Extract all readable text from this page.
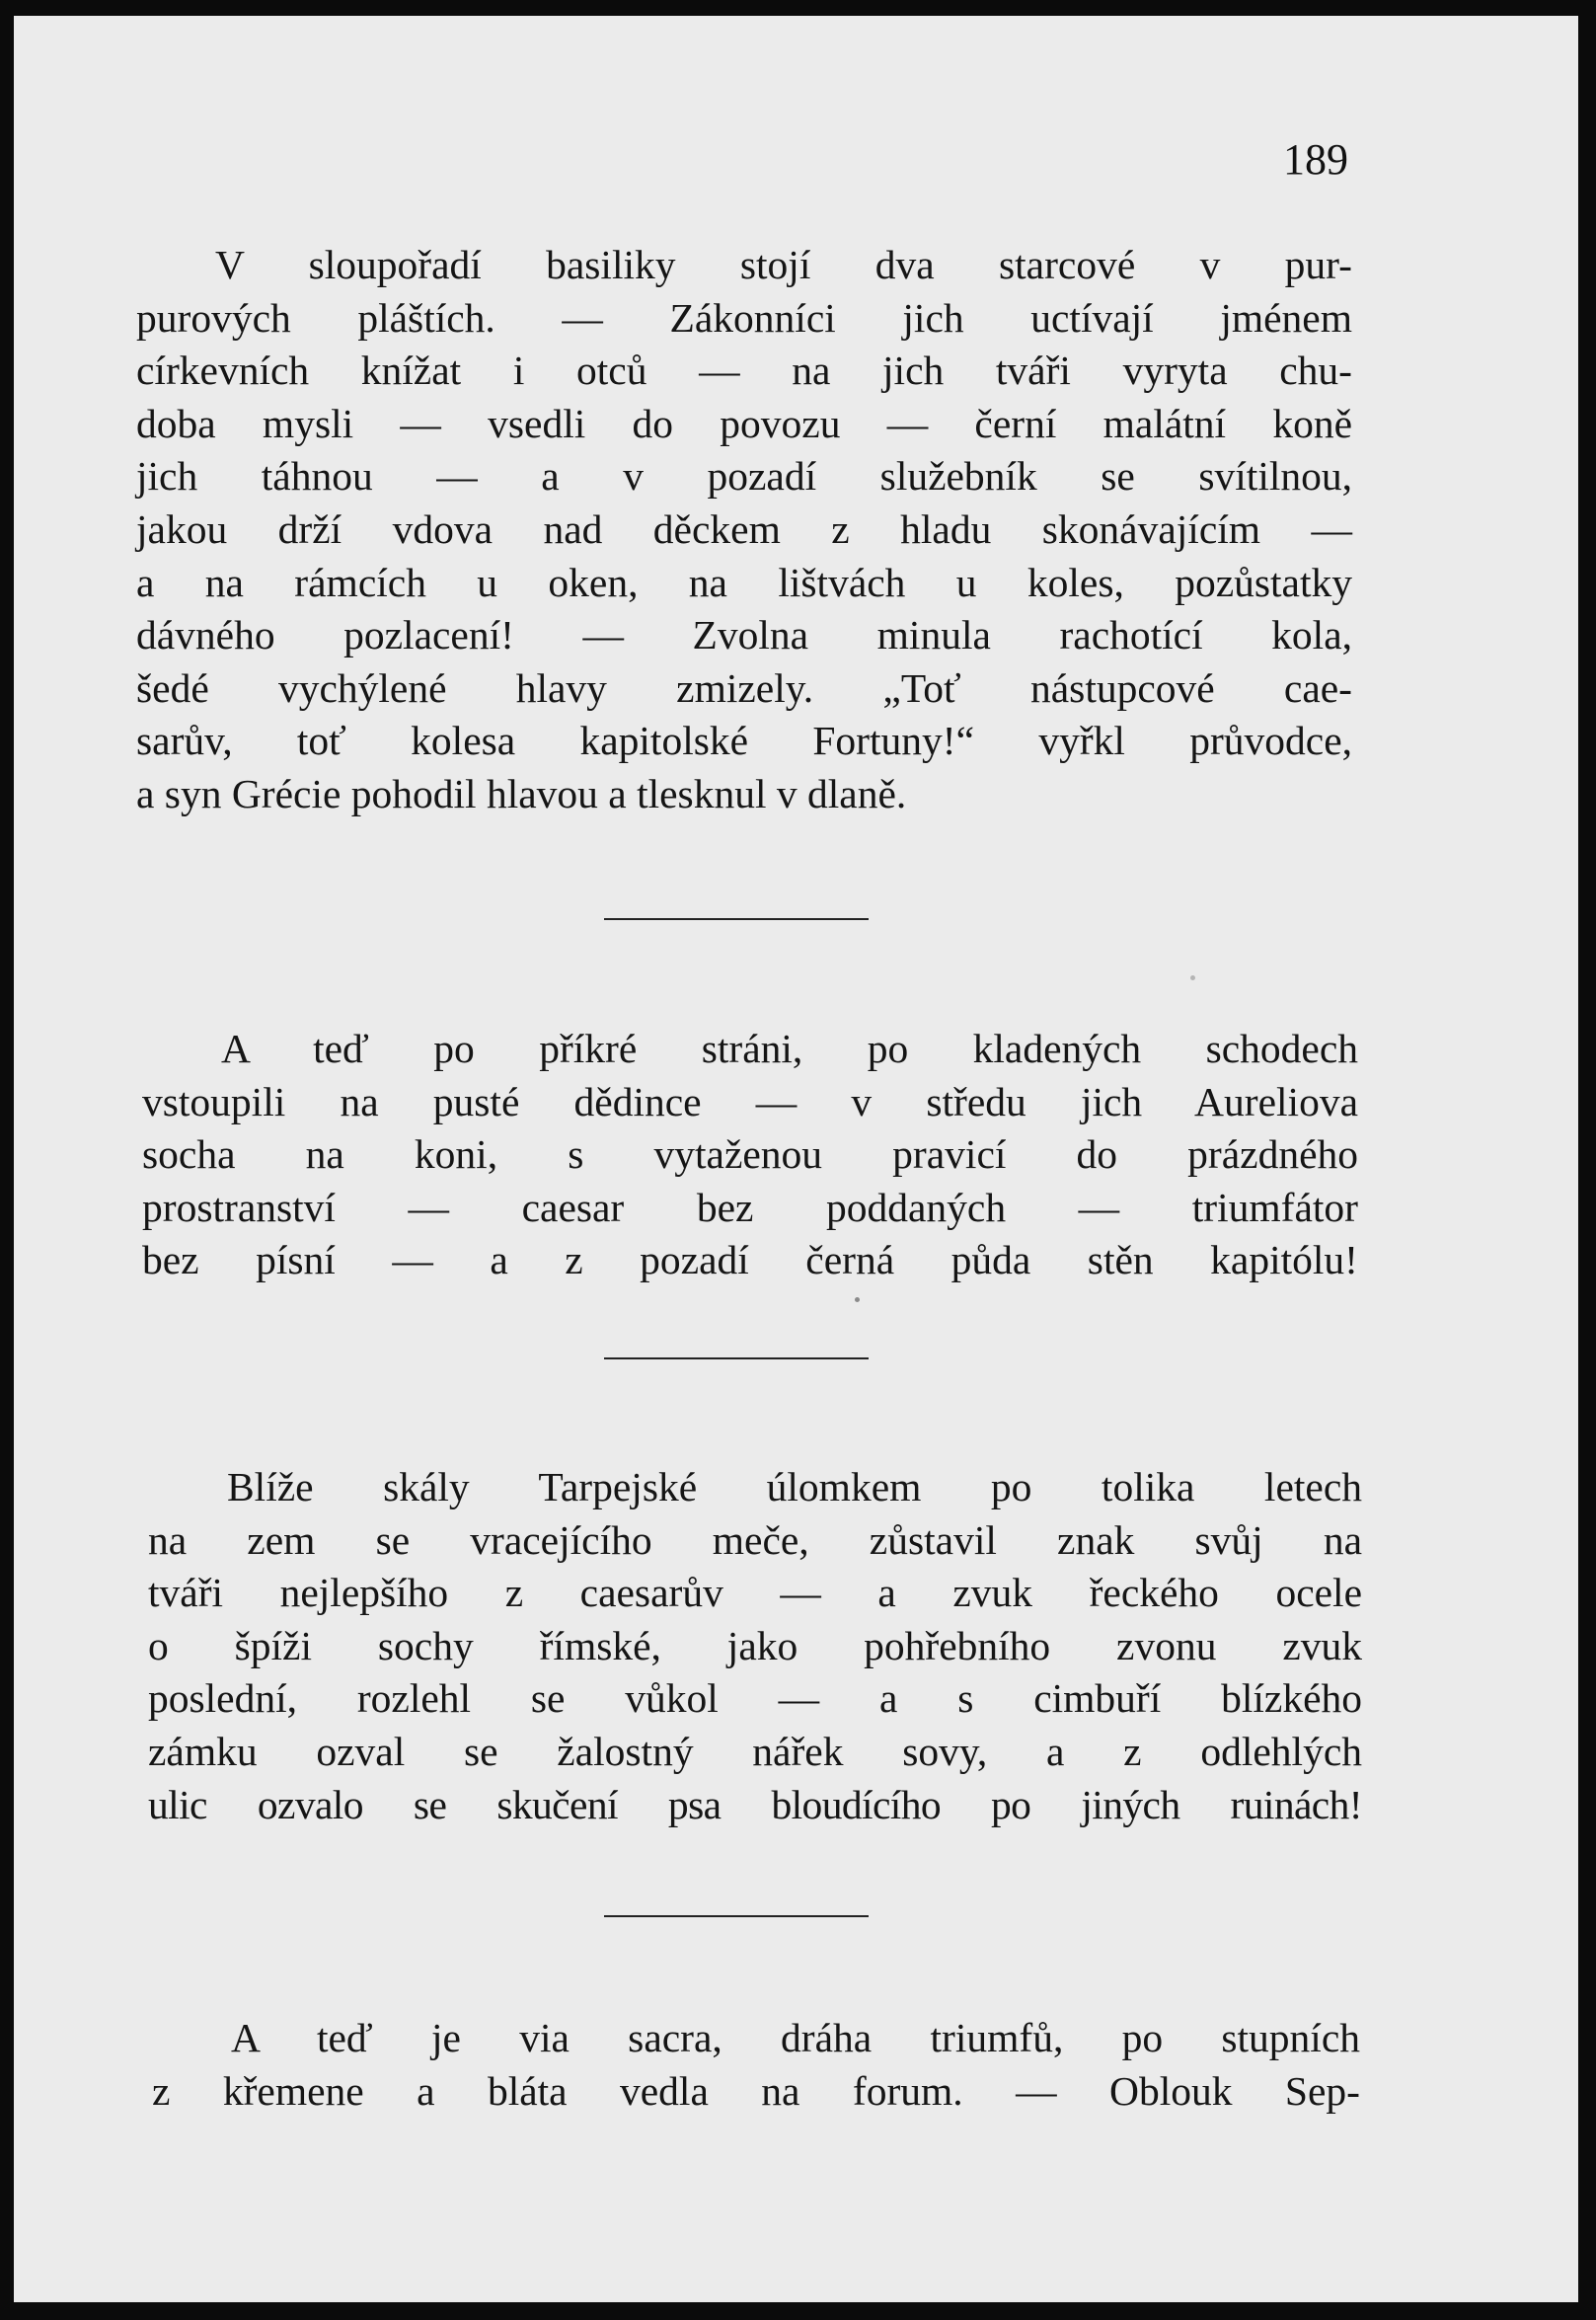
189

V sloupořadí basiliky stojí dva starcové v pur-
purových pláštích. — Zákonníci jich uctívají jménem
církevních knížat i otců — na jich tváři vyryta chu-
doba mysli — vsedli do povozu — černí malátní koně
jich táhnou — a v pozadí služebník se svítilnou,
jakou drží vdova nad děckem z hladu skonávajícím —
a na rámcích u oken, na lištvách u koles, pozůstatky
dávného pozlacení! — Zvolna minula rachotící kola,
šedé vychýlené hlavy zmizely. „Toť nástupcové cae-
sarův, toť kolesa kapitolské Fortuny!“ vyřkl průvodce,
a syn Grécie pohodil hlavou a tlesknul v dlaně.
A teď po příkré stráni, po kladených schodech
vstoupili na pusté dědince — v středu jich Aureliova
socha na koni, s vytaženou pravicí do prázdného
prostranství — caesar bez poddaných — triumfátor
bez písní — a z pozadí černá půda stěn kapitólu!
Blíže skály Tarpejské úlomkem po tolika letech
na zem se vracejícího meče, zůstavil znak svůj na
tváři nejlepšího z caesarův — a zvuk řeckého ocele
o špíži sochy římské, jako pohřebního zvonu zvuk
poslední, rozlehl se vůkol — a s cimbuří blízkého
zámku ozval se žalostný nářek sovy, a z odlehlých
ulic ozvalo se skučení psa bloudícího po jiných ruinách!
A teď je via sacra, dráha triumfů, po stupních
z křemene a bláta vedla na forum. — Oblouk Sep-
